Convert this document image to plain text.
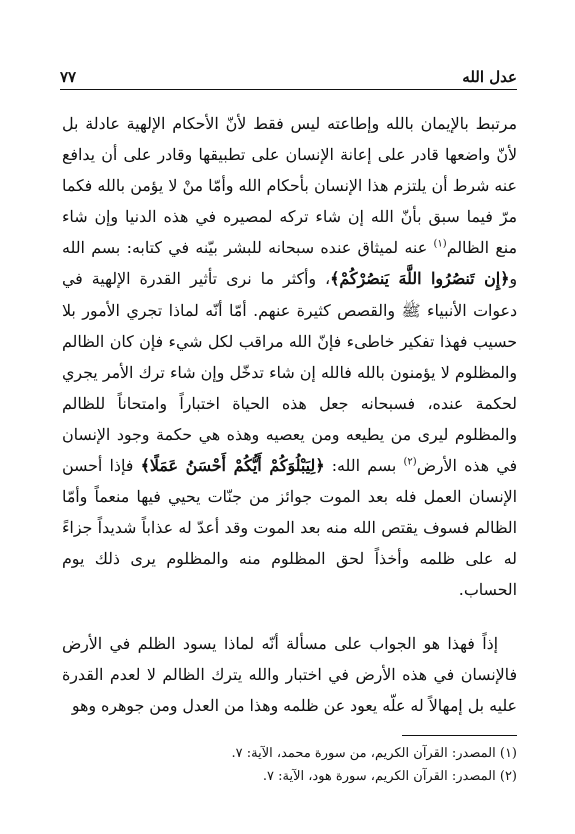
عدل الله
٧٧

مرتبط بالإيمان بالله وإطاعته ليس فقط لأنّ الأحكام الإلهية عادلة بل لأنّ واضعها قادر على إعانة الإنسان على تطبيقها وقادر على أن يدافع عنه شرط أن يلتزم هذا الإنسان بأحكام الله وأمّا منْ لا يؤمن بالله فكما مرّ فيما سبق بأنّ الله إن شاء تركه لمصيره في هذه الدنيا وإن شاء منع الظالم$^{(١)}$ عنه لميثاق عنده سبحانه للبشر بيّنه في كتابه: بسم الله و﴿إِن تَنصُرُوا اللَّهَ يَنصُرْكُمْ﴾، وأكثر ما نرى تأثير القدرة الإلهية في دعوات الأنبياء ﷺ والقصص كثيرة عنهم. أمّا أنّه لماذا تجري الأمور بلا حسيب فهذا تفكير خاطىء فإنّ الله مراقب لكل شيء فإن كان الظالم والمظلوم لا يؤمنون بالله فالله إن شاء تدخّل وإن شاء ترك الأمر يجري لحكمة عنده، فسبحانه جعل هذه الحياة اختباراً وامتحاناً للظالم والمظلوم ليرى من يطيعه ومن يعصيه وهذه هي حكمة وجود الإنسان في هذه الأرض$^{(٢)}$ بسم الله: ﴿لِيَبْلُوَكُمْ أَيُّكُمْ أَحْسَنُ عَمَلًا﴾ فإذا أحسن الإنسان العمل فله بعد الموت جوائز من جنّات يحيي فيها منعماً وأمّا الظالم فسوف يقتص الله منه بعد الموت وقد أعدّ له عذاباً شديداً جزاءً له على ظلمه وأخذاً لحق المظلوم منه والمظلوم يرى ذلك يوم الحساب.

إذاً فهذا هو الجواب على مسألة أنّه لماذا يسود الظلم في الأرض فالإنسان في هذه الأرض في اختبار والله يترك الظالم لا لعدم القدرة عليه بل إمهالاً له علّه يعود عن ظلمه وهذا من العدل ومن جوهره وهو

(١) المصدر: القرآن الكريم، من سورة محمد، الآية: ٧.

(٢) المصدر: القرآن الكريم، سورة هود، الآية: ٧.
